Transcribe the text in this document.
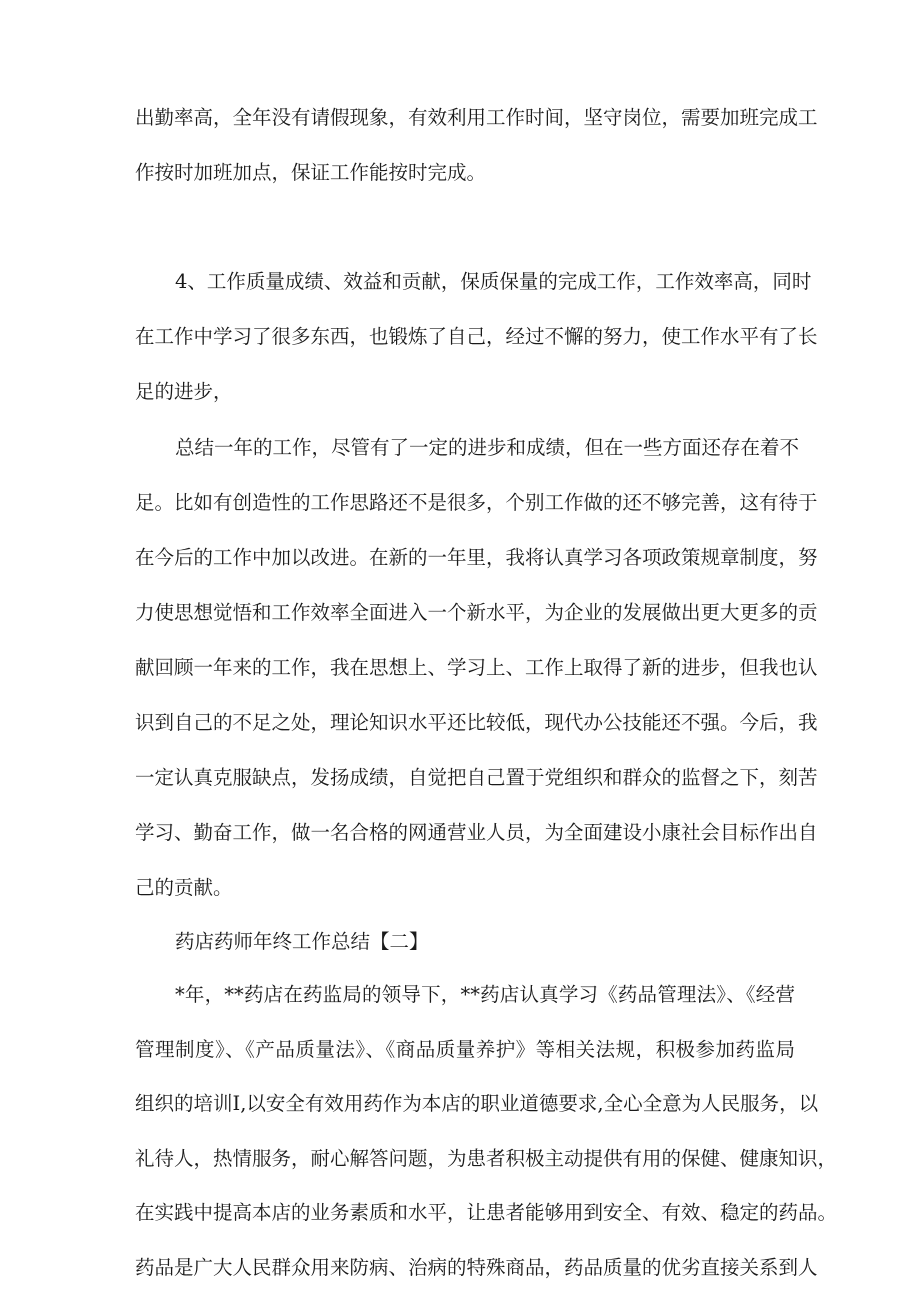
出勤率高，全年没有请假现象，有效利用工作时间，坚守岗位，需要加班完成工
作按时加班加点，保证工作能按时完成。
4、工作质量成绩、效益和贡献，保质保量的完成工作，工作效率高，同时
在工作中学习了很多东西，也锻炼了自己，经过不懈的努力，使工作水平有了长
足的进步，
总结一年的工作，尽管有了一定的进步和成绩，但在一些方面还存在着不
足。比如有创造性的工作思路还不是很多，个别工作做的还不够完善，这有待于
在今后的工作中加以改进。在新的一年里，我将认真学习各项政策规章制度，努
力使思想觉悟和工作效率全面进入一个新水平，为企业的发展做出更大更多的贡
献回顾一年来的工作，我在思想上、学习上、工作上取得了新的进步，但我也认
识到自己的不足之处，理论知识水平还比较低，现代办公技能还不强。今后，我
一定认真克服缺点，发扬成绩，自觉把自己置于党组织和群众的监督之下，刻苦
学习、勤奋工作，做一名合格的网通营业人员，为全面建设小康社会目标作出自
己的贡献。
药店药师年终工作总结【二】
*年，**药店在药监局的领导下，**药店认真学习《药品管理法》、《经营
管理制度》、《产品质量法》、《商品质量养护》等相关法规，积极参加药监局
组织的培训I,以安全有效用药作为本店的职业道德要求,全心全意为人民服务，以
礼待人，热情服务，耐心解答问题，为患者积极主动提供有用的保健、健康知识，
在实践中提高本店的业务素质和水平，让患者能够用到安全、有效、稳定的药品。
药品是广大人民群众用来防病、治病的特殊商品，药品质量的优劣直接关系到人
